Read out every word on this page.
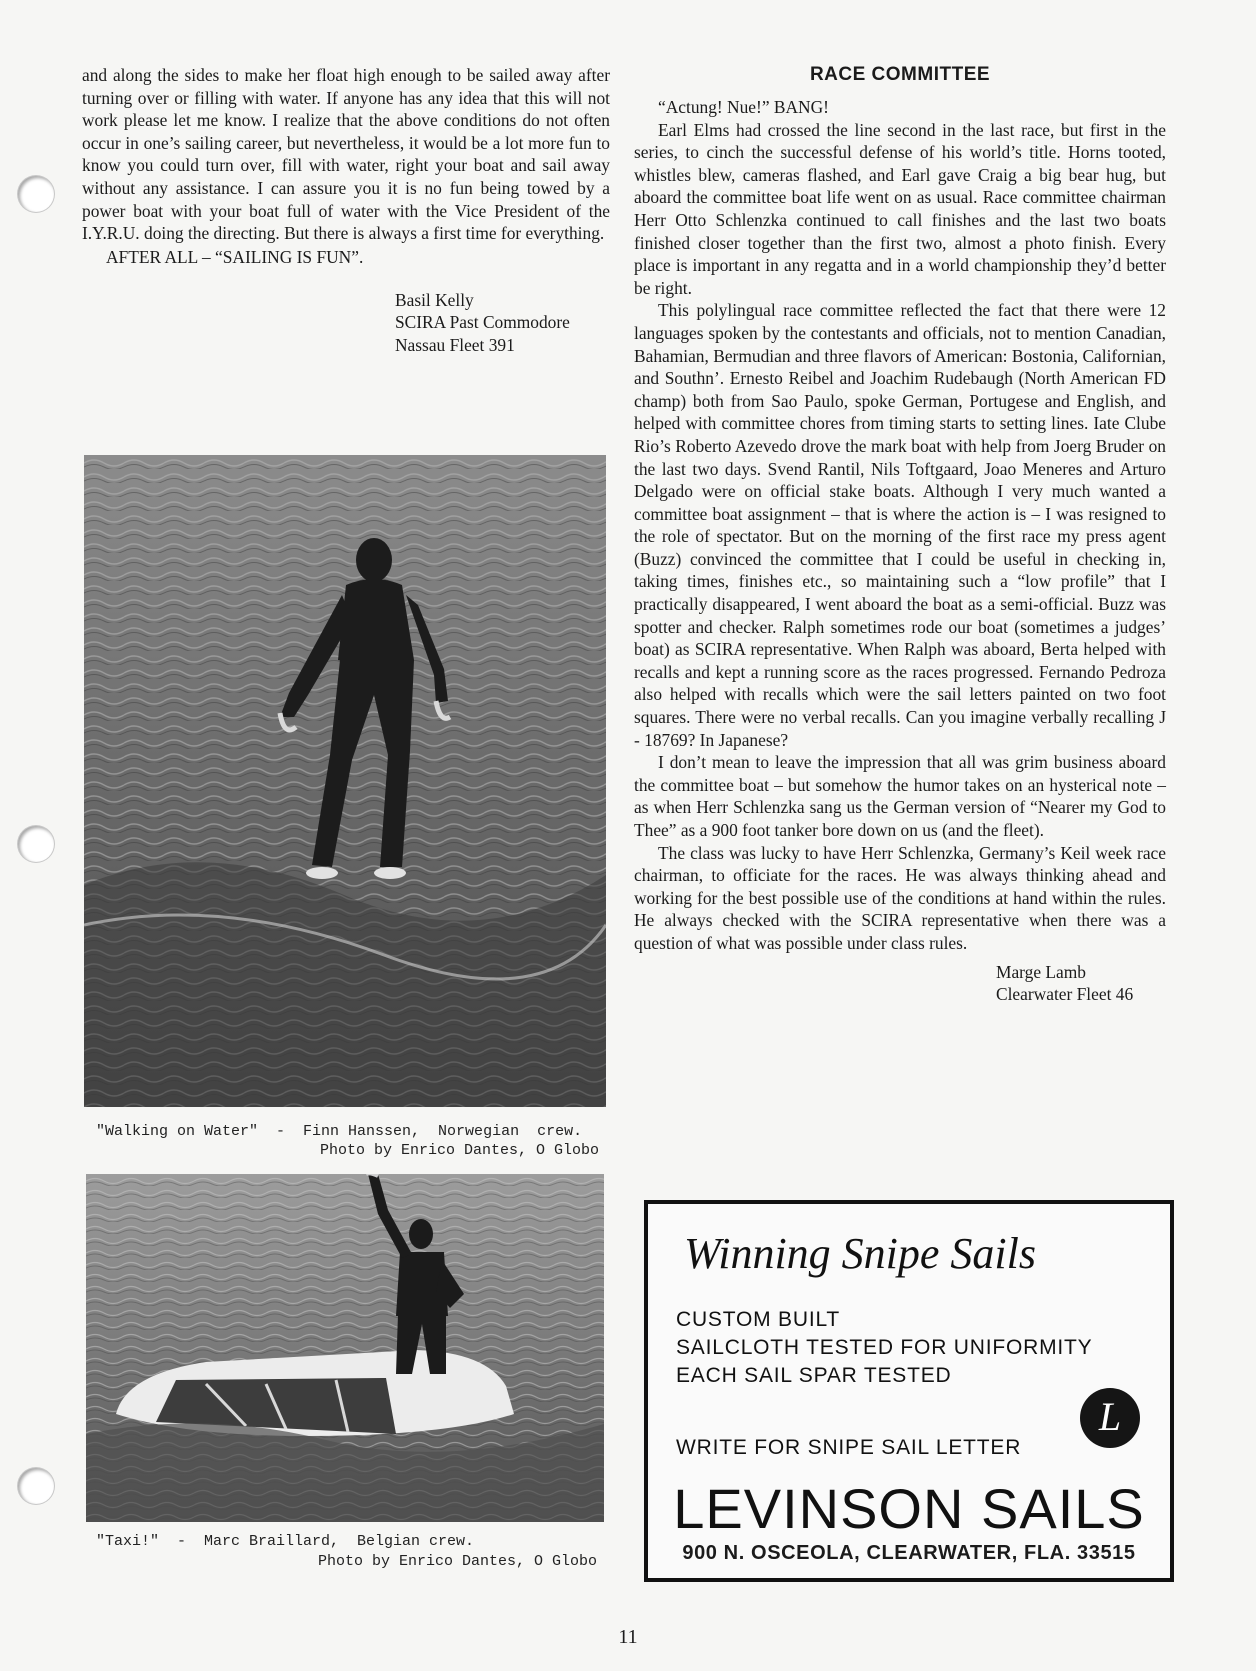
and along the sides to make her float high enough to be sailed away after turning over or filling with water. If anyone has any idea that this will not work please let me know. I realize that the above conditions do not often occur in one’s sailing career, but nevertheless, it would be a lot more fun to know you could turn over, fill with water, right your boat and sail away without any assistance. I can assure you it is no fun being towed by a power boat with your boat full of water with the Vice President of the I.Y.R.U. doing the directing. But there is always a first time for everything.

AFTER ALL – “SAILING IS FUN”.
Basil Kelly
SCIRA Past Commodore
Nassau Fleet 391
"Walking on Water"  -  Finn Hanssen,  Norwegian  crew.
Photo by Enrico Dantes, O Globo
"Taxi!"  -  Marc Braillard,  Belgian crew.
Photo by Enrico Dantes, O Globo
RACE COMMITTEE

“Actung! Nue!” BANG!

Earl Elms had crossed the line second in the last race, but first in the series, to cinch the successful defense of his world’s title. Horns tooted, whistles blew, cameras flashed, and Earl gave Craig a big bear hug, but aboard the committee boat life went on as usual. Race committee chairman Herr Otto Schlenzka continued to call finishes and the last two boats finished closer together than the first two, almost a photo finish. Every place is important in any regatta and in a world championship they’d better be right.

This polylingual race committee reflected the fact that there were 12 languages spoken by the contestants and officials, not to mention Canadian, Bahamian, Bermudian and three flavors of American: Bostonia, Californian, and Southn’. Ernesto Reibel and Joachim Rudebaugh (North American FD champ) both from Sao Paulo, spoke German, Portugese and English, and helped with committee chores from timing starts to setting lines. Iate Clube Rio’s Roberto Azevedo drove the mark boat with help from Joerg Bruder on the last two days. Svend Rantil, Nils Toftgaard, Joao Meneres and Arturo Delgado were on official stake boats. Although I very much wanted a committee boat assignment – that is where the action is – I was resigned to the role of spectator. But on the morning of the first race my press agent (Buzz) convinced the committee that I could be useful in checking in, taking times, finishes etc., so maintaining such a “low profile” that I practically disappeared, I went aboard the boat as a semi-official. Buzz was spotter and checker. Ralph sometimes rode our boat (sometimes a judges’ boat) as SCIRA representative. When Ralph was aboard, Berta helped with recalls and kept a running score as the races progressed. Fernando Pedroza also helped with recalls which were the sail letters painted on two foot squares. There were no verbal recalls. Can you imagine verbally recalling J - 18769? In Japanese?

I don’t mean to leave the impression that all was grim business aboard the committee boat – but somehow the humor takes on an hysterical note – as when Herr Schlenzka sang us the German version of “Nearer my God to Thee” as a 900 foot tanker bore down on us (and the fleet).

The class was lucky to have Herr Schlenzka, Germany’s Keil week race chairman, to officiate for the races. He was always thinking ahead and working for the best possible use of the conditions at hand within the rules. He always checked with the SCIRA representative when there was a question of what was possible under class rules.

Marge Lamb
Clearwater Fleet 46
Winning Snipe Sails
CUSTOM BUILT
SAILCLOTH TESTED FOR UNIFORMITY
EACH SAIL SPAR TESTED
WRITE FOR SNIPE SAIL LETTER
L
LEVINSON SAILS
900 N. OSCEOLA, CLEARWATER, FLA. 33515
11
